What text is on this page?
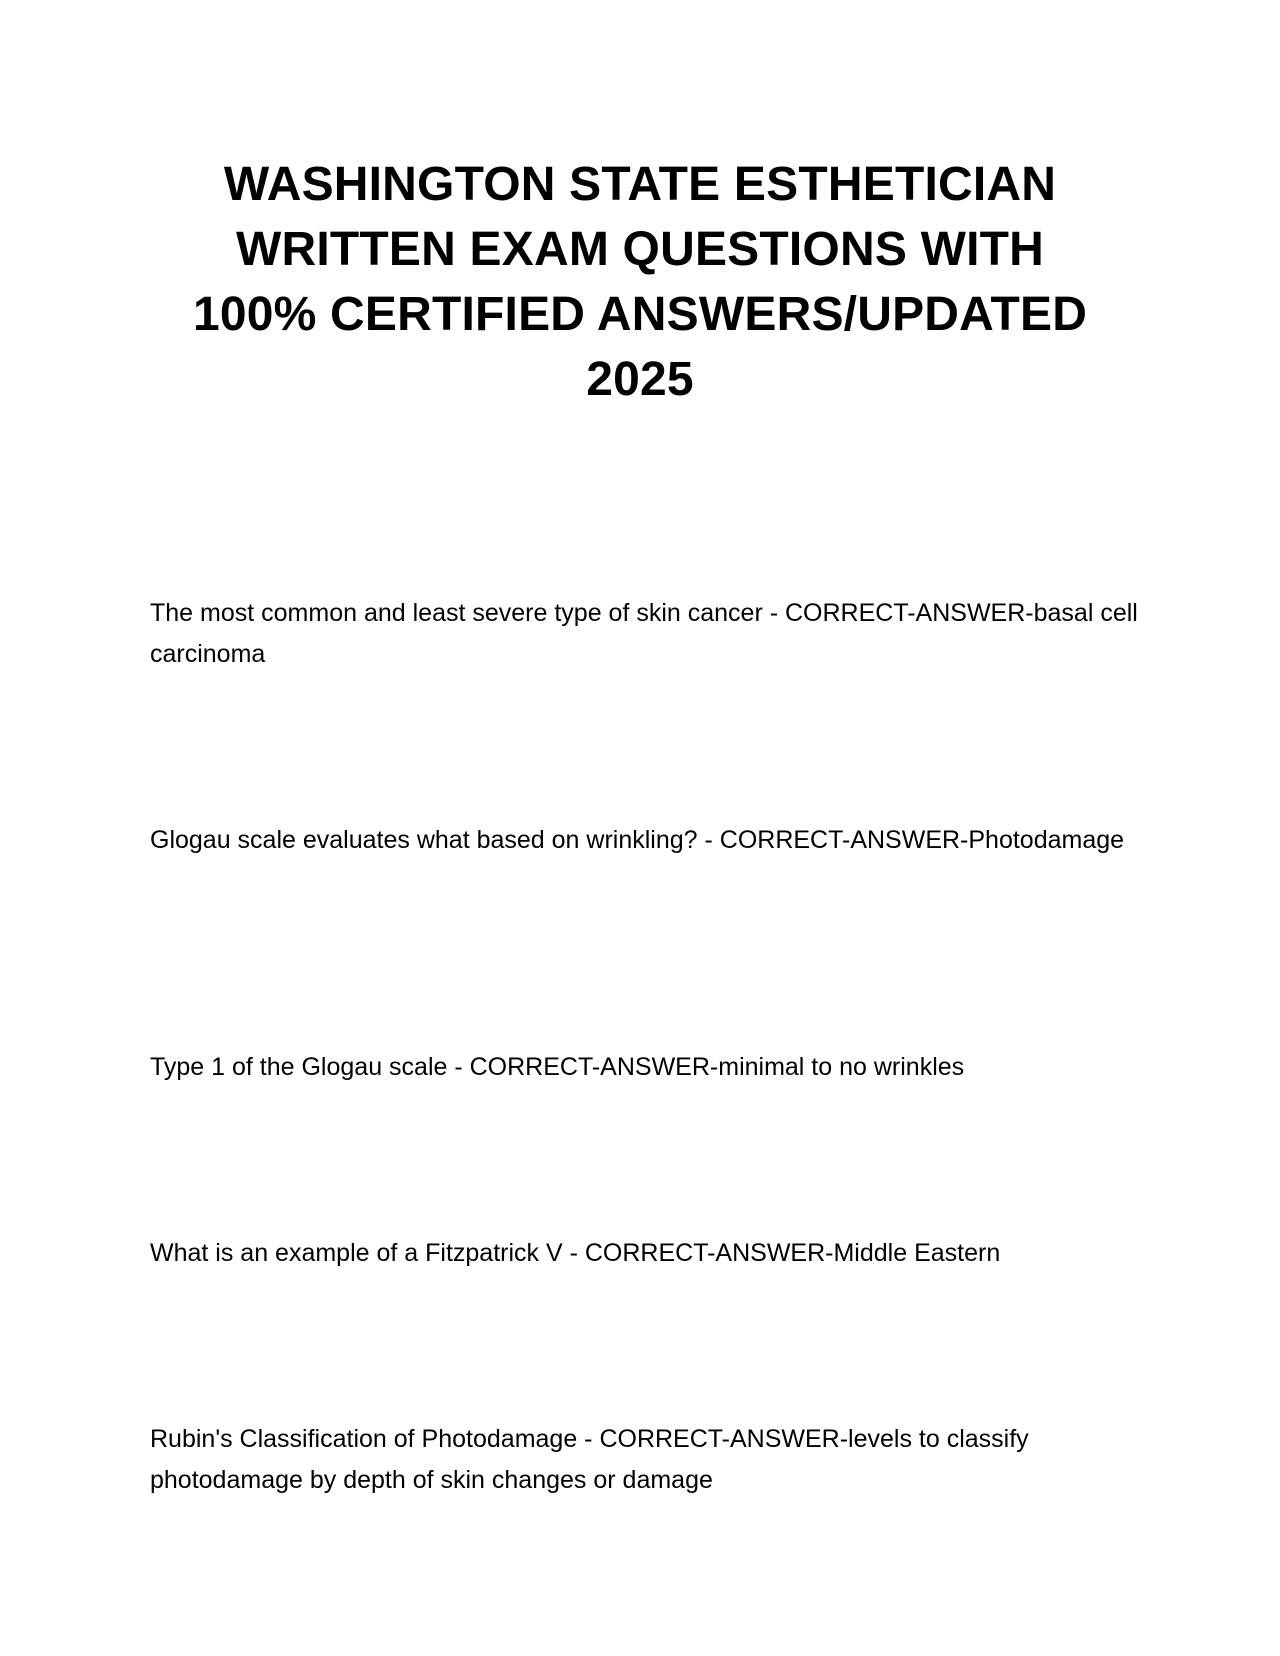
WASHINGTON STATE ESTHETICIAN
WRITTEN EXAM QUESTIONS WITH
100% CERTIFIED ANSWERS/UPDATED
2025

The most common and least severe type of skin cancer - CORRECT-ANSWER-basal cell carcinoma

Glogau scale evaluates what based on wrinkling? - CORRECT-ANSWER-Photodamage

Type 1 of the Glogau scale - CORRECT-ANSWER-minimal to no wrinkles

What is an example of a Fitzpatrick V - CORRECT-ANSWER-Middle Eastern

Rubin's Classification of Photodamage - CORRECT-ANSWER-levels to classify photodamage by depth of skin changes or damage
